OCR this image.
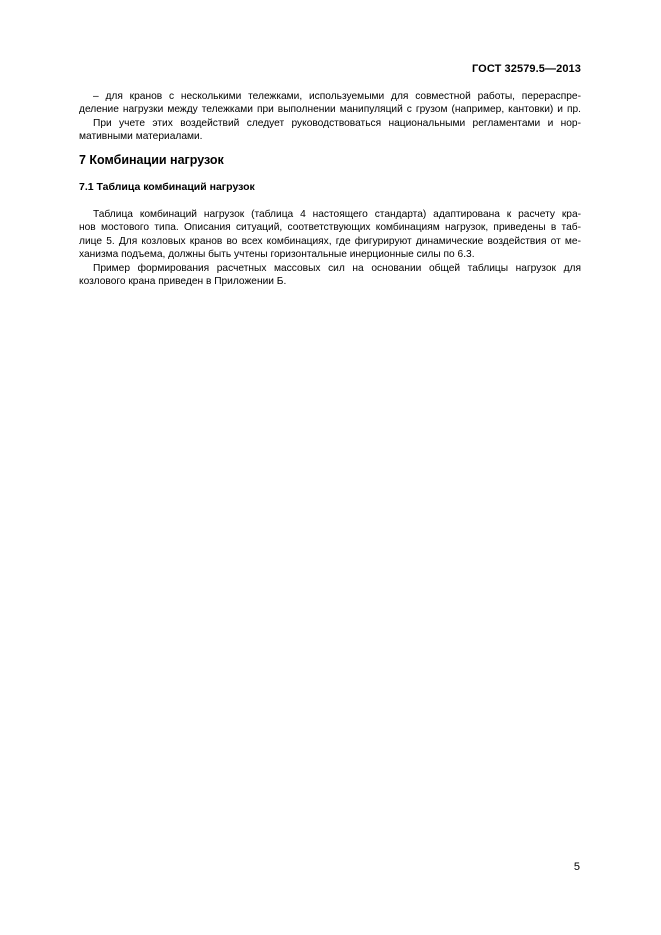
ГОСТ 32579.5—2013
– для кранов с несколькими тележками, используемыми для совместной работы, перераспре-
деление нагрузки между тележками при выполнении манипуляций с грузом (например, кантовки) и пр.
При учете этих воздействий следует руководствоваться национальными регламентами и нор-
мативными материалами.
7 Комбинации нагрузок
7.1 Таблица комбинаций нагрузок
Таблица комбинаций нагрузок (таблица 4 настоящего стандарта) адаптирована к расчету кра-
нов мостового типа. Описания ситуаций, соответствующих комбинациям нагрузок, приведены в таб-
лице 5. Для козловых кранов во всех комбинациях, где фигурируют динамические воздействия от ме-
ханизма подъема, должны быть учтены горизонтальные инерционные силы по 6.3.
Пример формирования расчетных массовых сил на основании общей таблицы нагрузок для
козлового крана приведен в Приложении Б.
5
